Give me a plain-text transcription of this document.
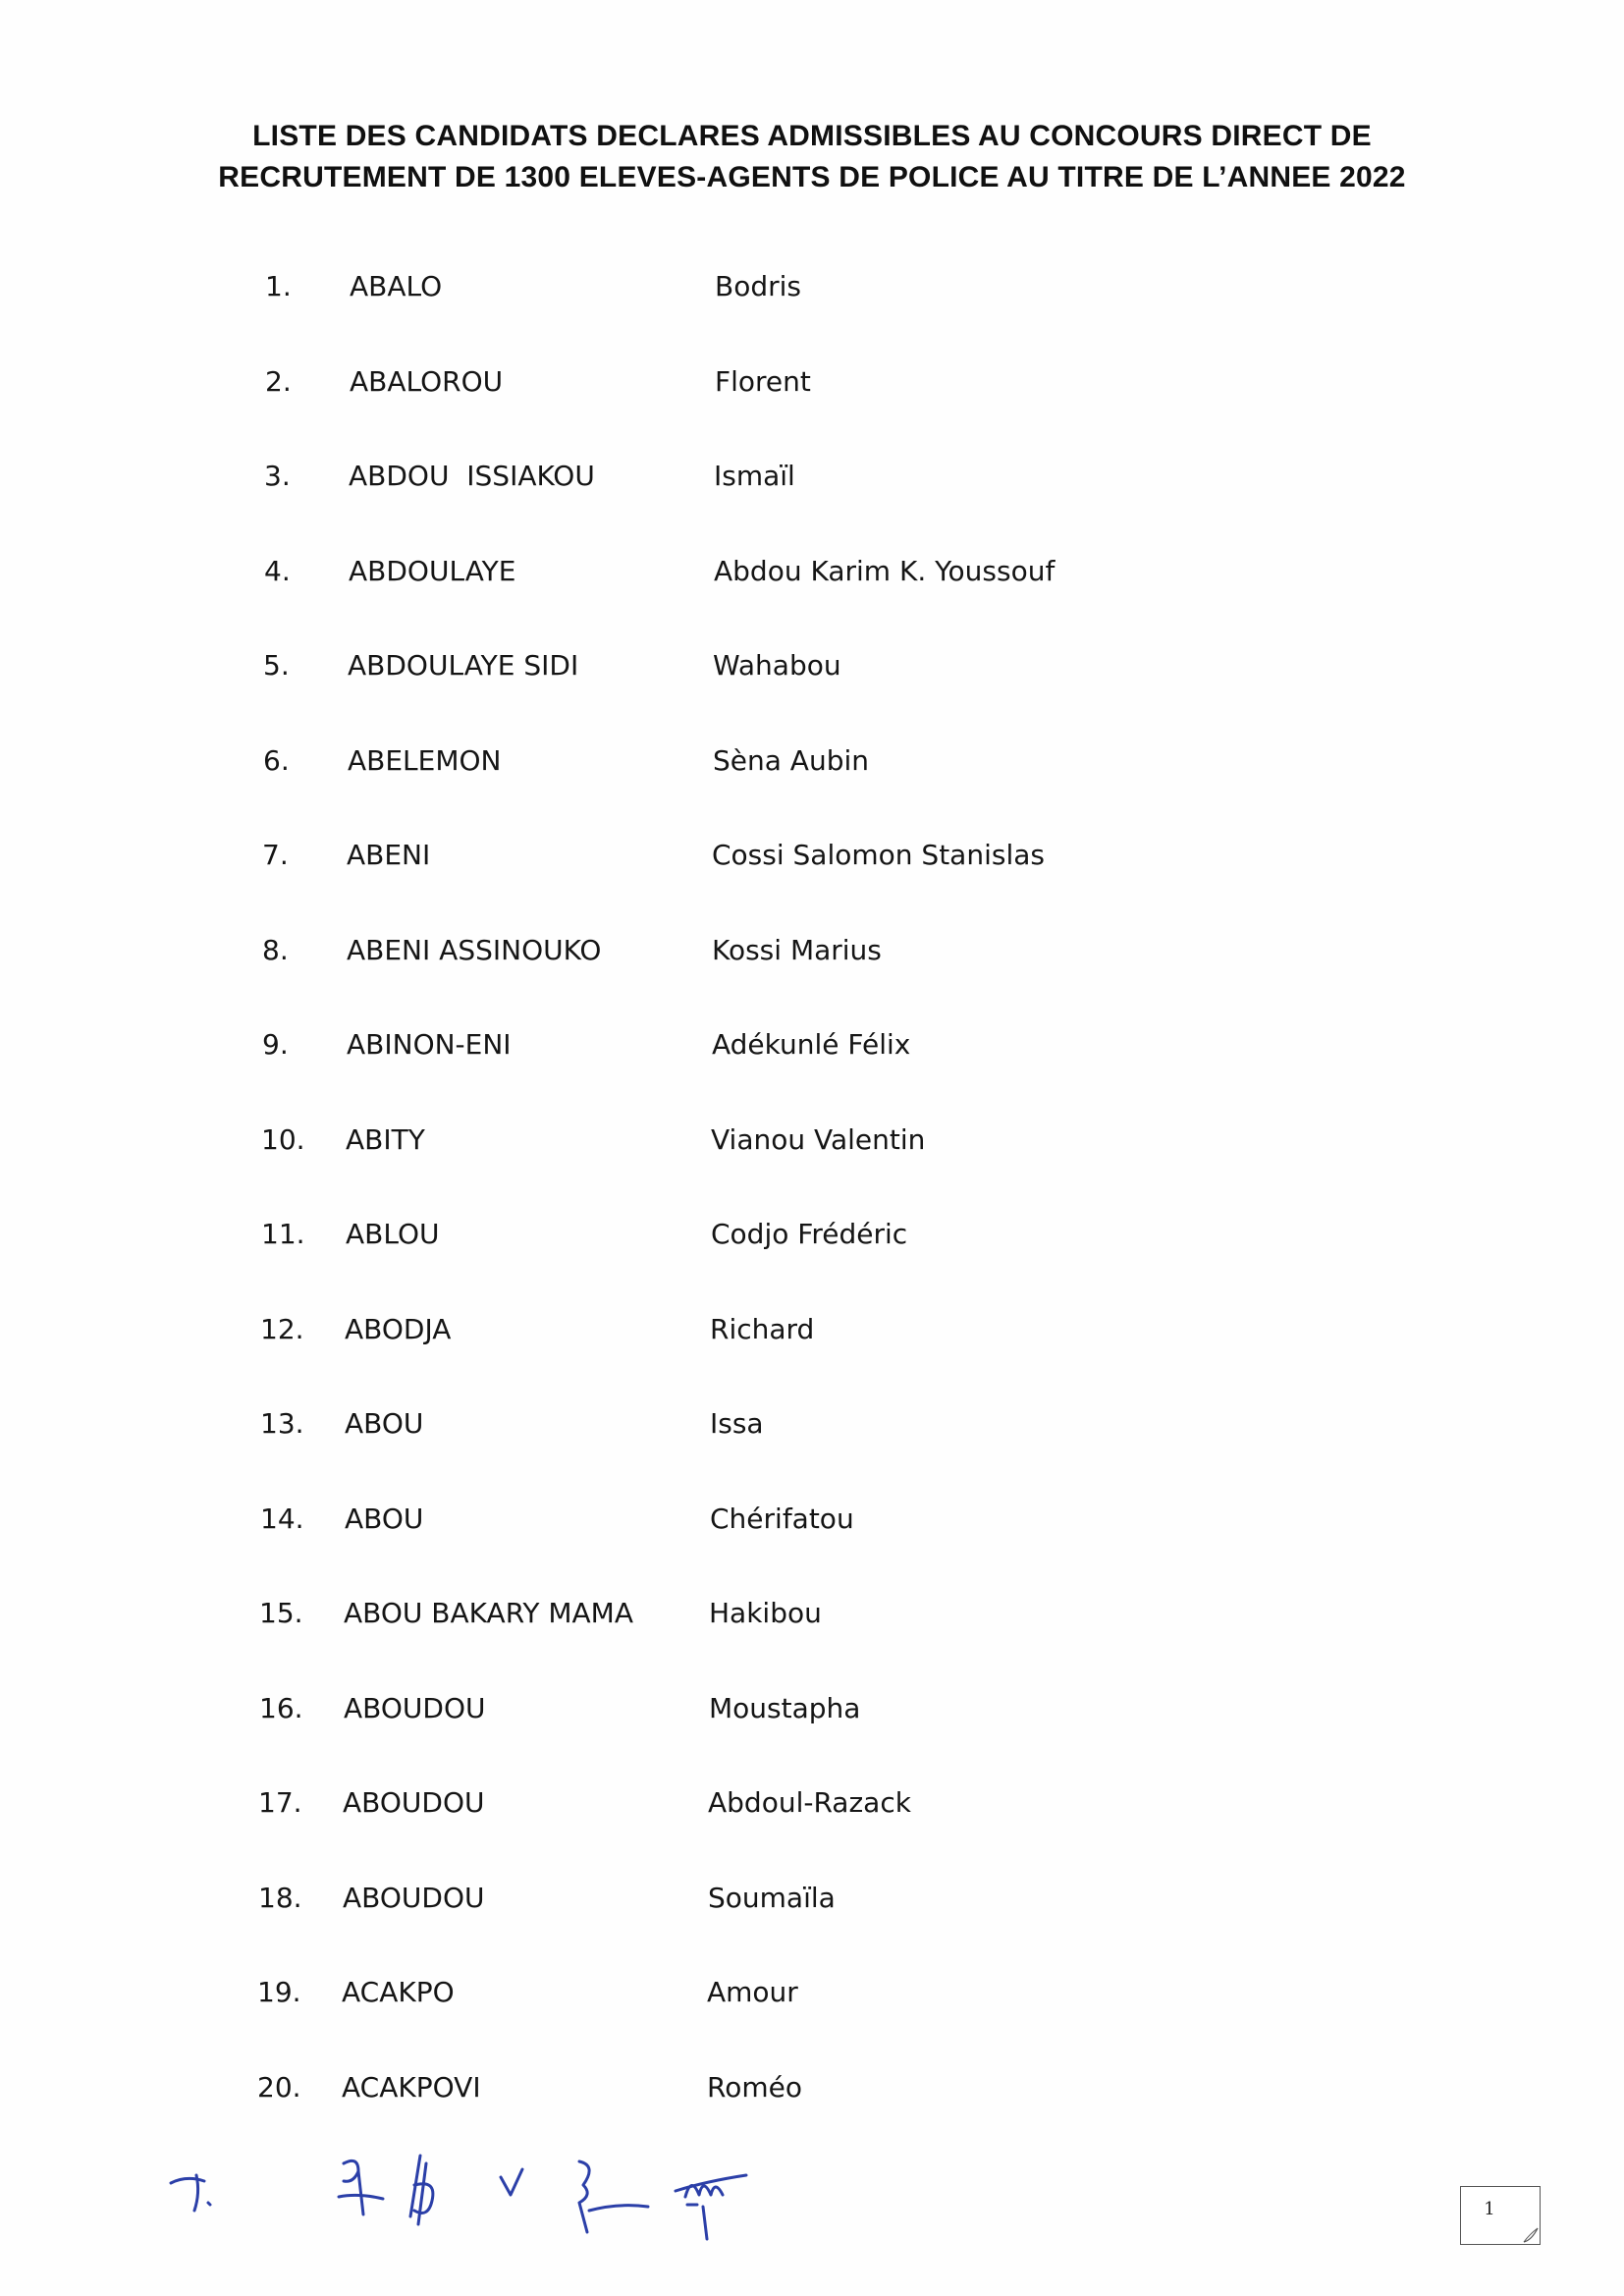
LISTE DES CANDIDATS DECLARES ADMISSIBLES AU CONCOURS DIRECT DE
RECRUTEMENT DE 1300 ELEVES-AGENTS DE POLICE AU TITRE DE L’ANNEE 2022
1. ABALO	Bodris
2. ABALOROU	Florent
3. ABDOU  ISSIAKOU	Ismaïl
4. ABDOULAYE	Abdou Karim K. Youssouf
5. ABDOULAYE SIDI	Wahabou
6. ABELEMON	Sèna Aubin
7. ABENI	Cossi Salomon Stanislas
8. ABENI ASSINOUKO	Kossi Marius
9. ABINON-ENI	Adékunlé Félix
10. ABITY	Vianou Valentin
11. ABLOU	Codjo Frédéric
12. ABODJA	Richard
13. ABOU	Issa
14. ABOU	Chérifatou
15. ABOU BAKARY MAMA	Hakibou
16. ABOUDOU	Moustapha
17. ABOUDOU	Abdoul-Razack
18. ABOUDOU	Soumaïla
19. ACAKPO	Amour
20. ACAKPOVI	Roméo
1
